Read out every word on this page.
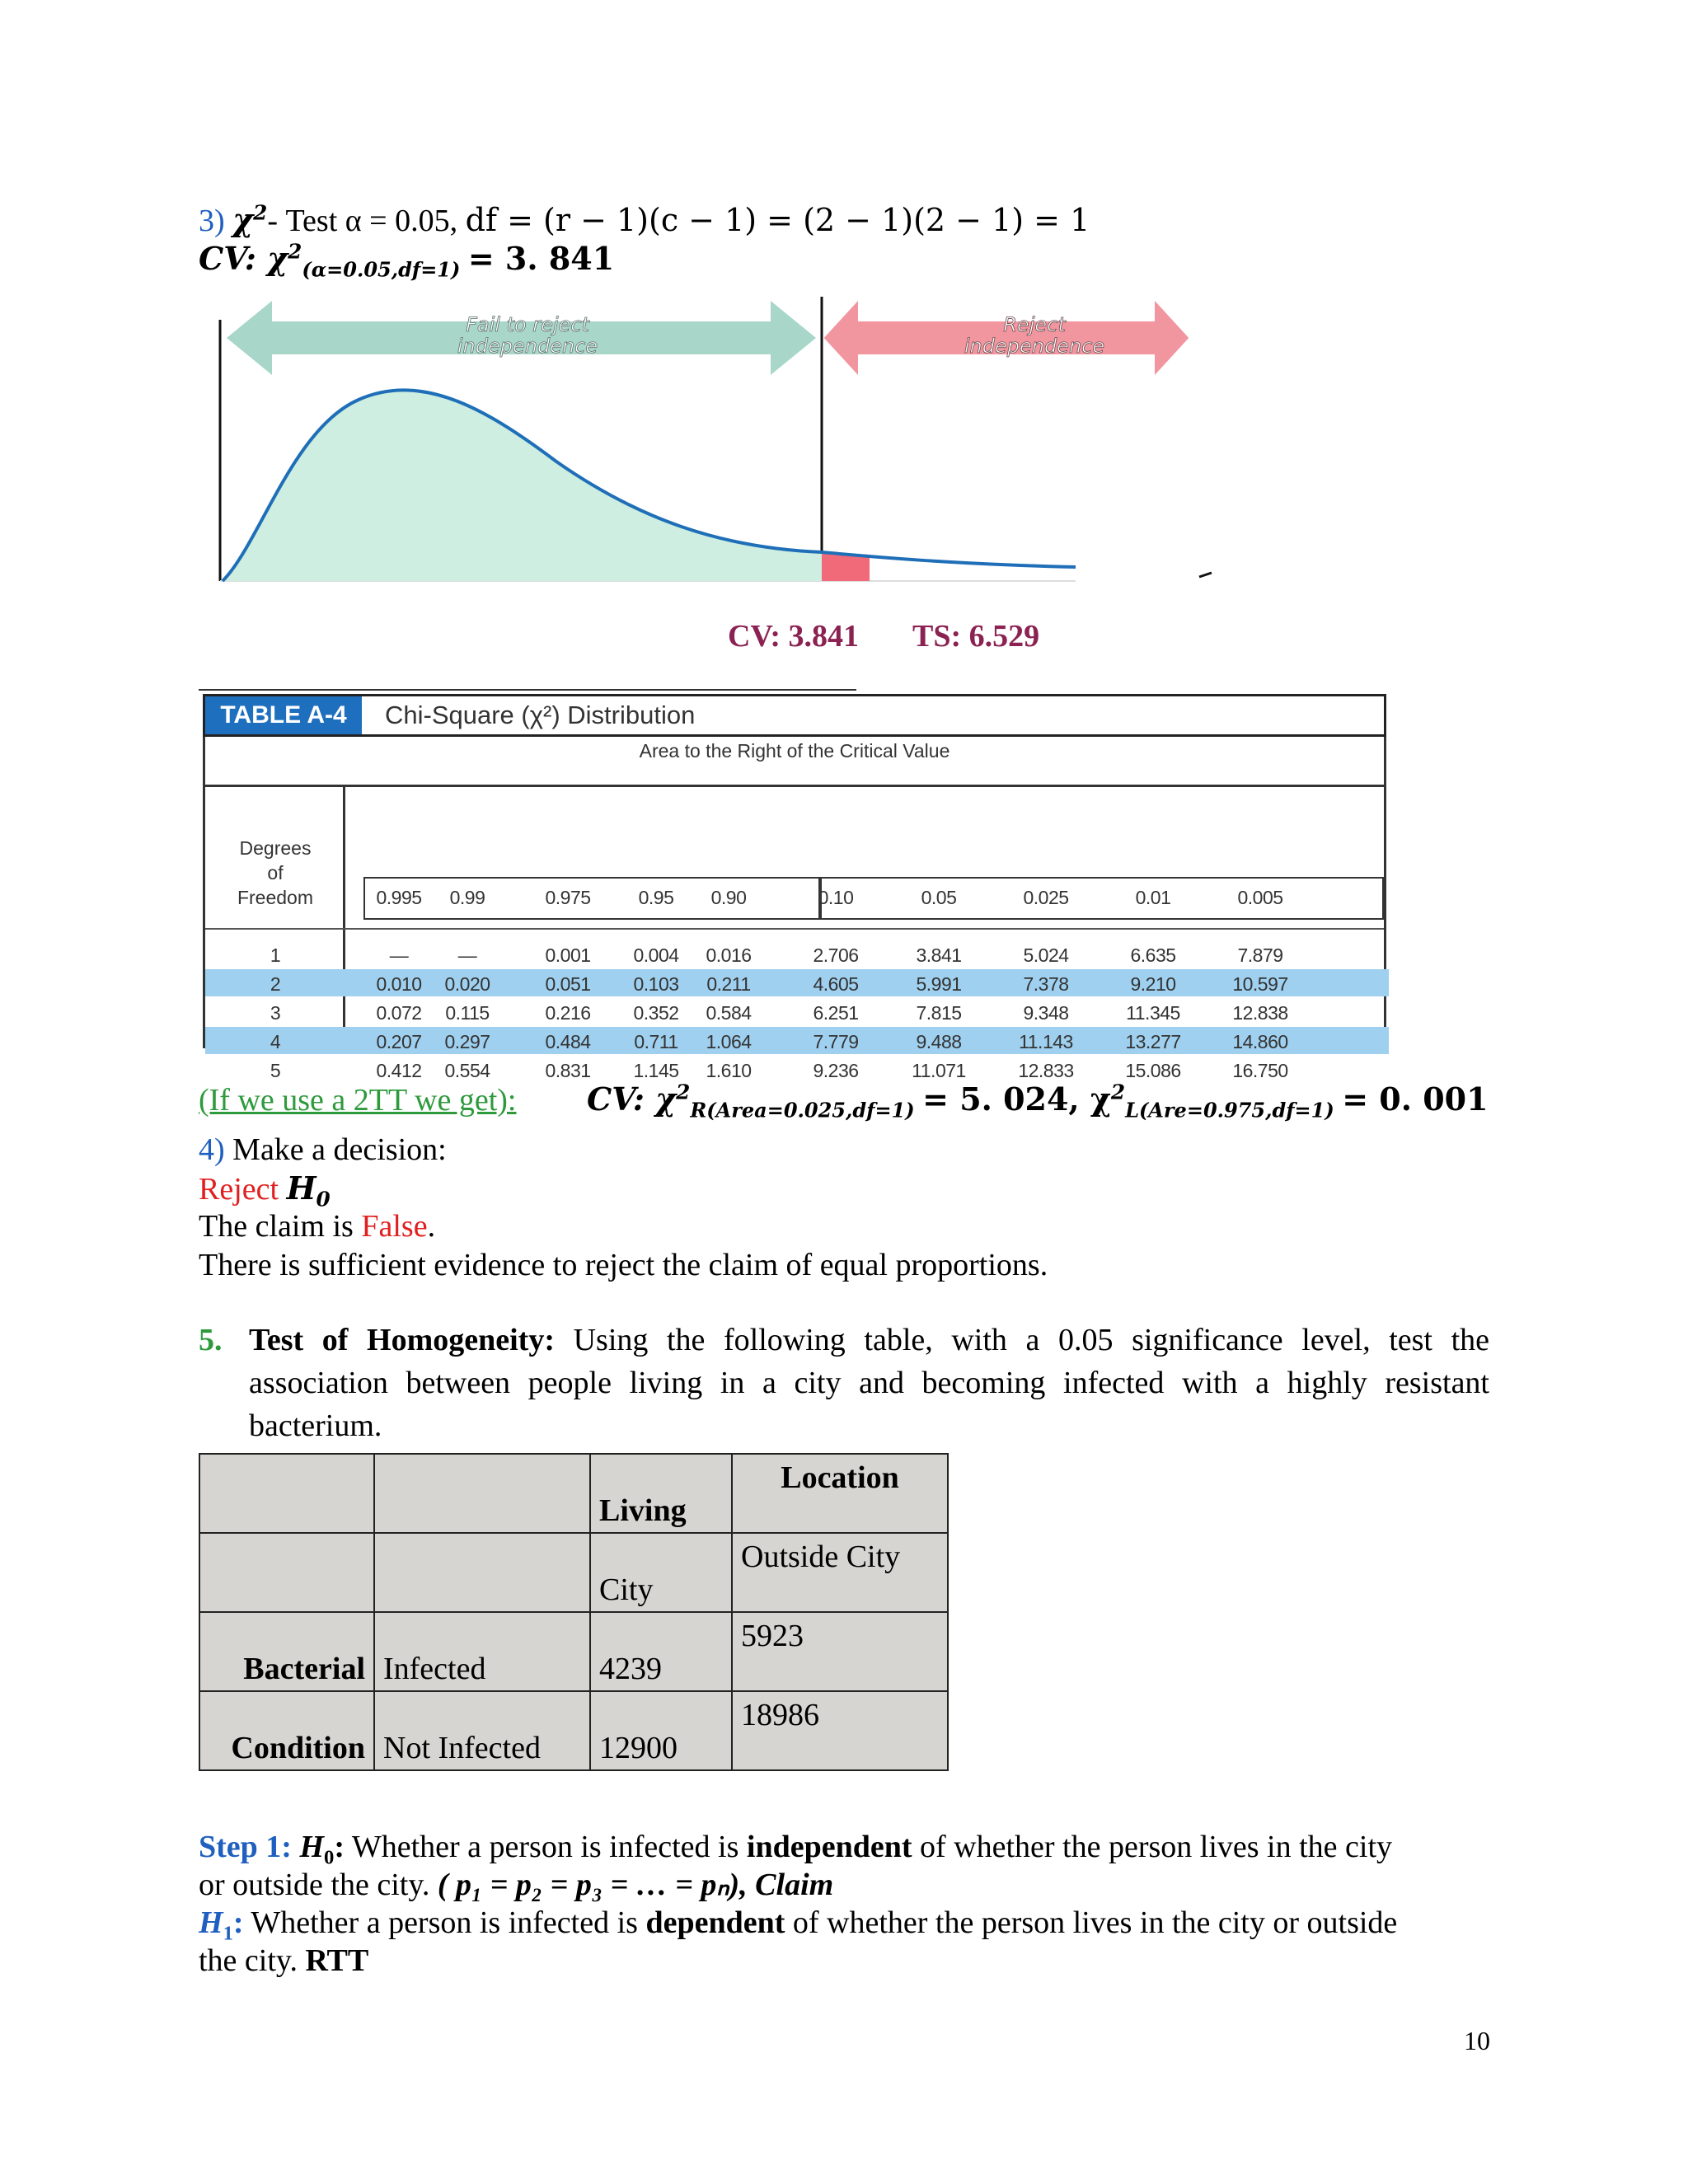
3) $\chi^2-$ Test α = 0.05, df = (r − 1)(c − 1) = (2 − 1)(2 − 1) = 1
CV: $\chi^2_{(\alpha=0.05,df=1)} = 3$. 841
Fail to reject
independence
Reject
independence
CV: 3.841 TS: 6.529
TABLE A-4	Chi-Square (χ²) Distribution
Area to the Right of the Critical Value
Degrees
of
Freedom	0.995	0.99	0.975	0.95	0.90	0.10	0.05	0.025	0.01	0.005
1	—	—	0.001	0.004	0.016	2.706	3.841	5.024	6.635	7.879
2	0.010	0.020	0.051	0.103	0.211	4.605	5.991	7.378	9.210	10.597
3	0.072	0.115	0.216	0.352	0.584	6.251	7.815	9.348	11.345	12.838
4	0.207	0.297	0.484	0.711	1.064	7.779	9.488	11.143	13.277	14.860
5	0.412	0.554	0.831	1.145	1.610	9.236	11.071	12.833	15.086	16.750
(If we use a 2TT we get): CV: $\chi^2_{R(Area=0.025,df=1)} = 5$. 024, $\chi^2_{L(Are=0.975,df=1)} = 0$. 001
4) Make a decision:
Reject $H_0$
The claim is False.
There is sufficient evidence to reject the claim of equal proportions.
5. Test of Homogeneity: Using the following table, with a 0.05 significance level, test the
association between people living in a city and becoming infected with a highly resistant
bacterium.
		Living	Location
		City	Outside City
Bacterial	Infected	4239	5923
Condition	Not Infected	12900	18986
Step 1: $H_0$: Whether a person is infected is independent of whether the person lives in the city
or outside the city. ( p₁ = p₂ = p₃ = … = pₙ), Claim
$H_1$: Whether a person is infected is dependent of whether the person lives in the city or outside
the city. RTT
10
